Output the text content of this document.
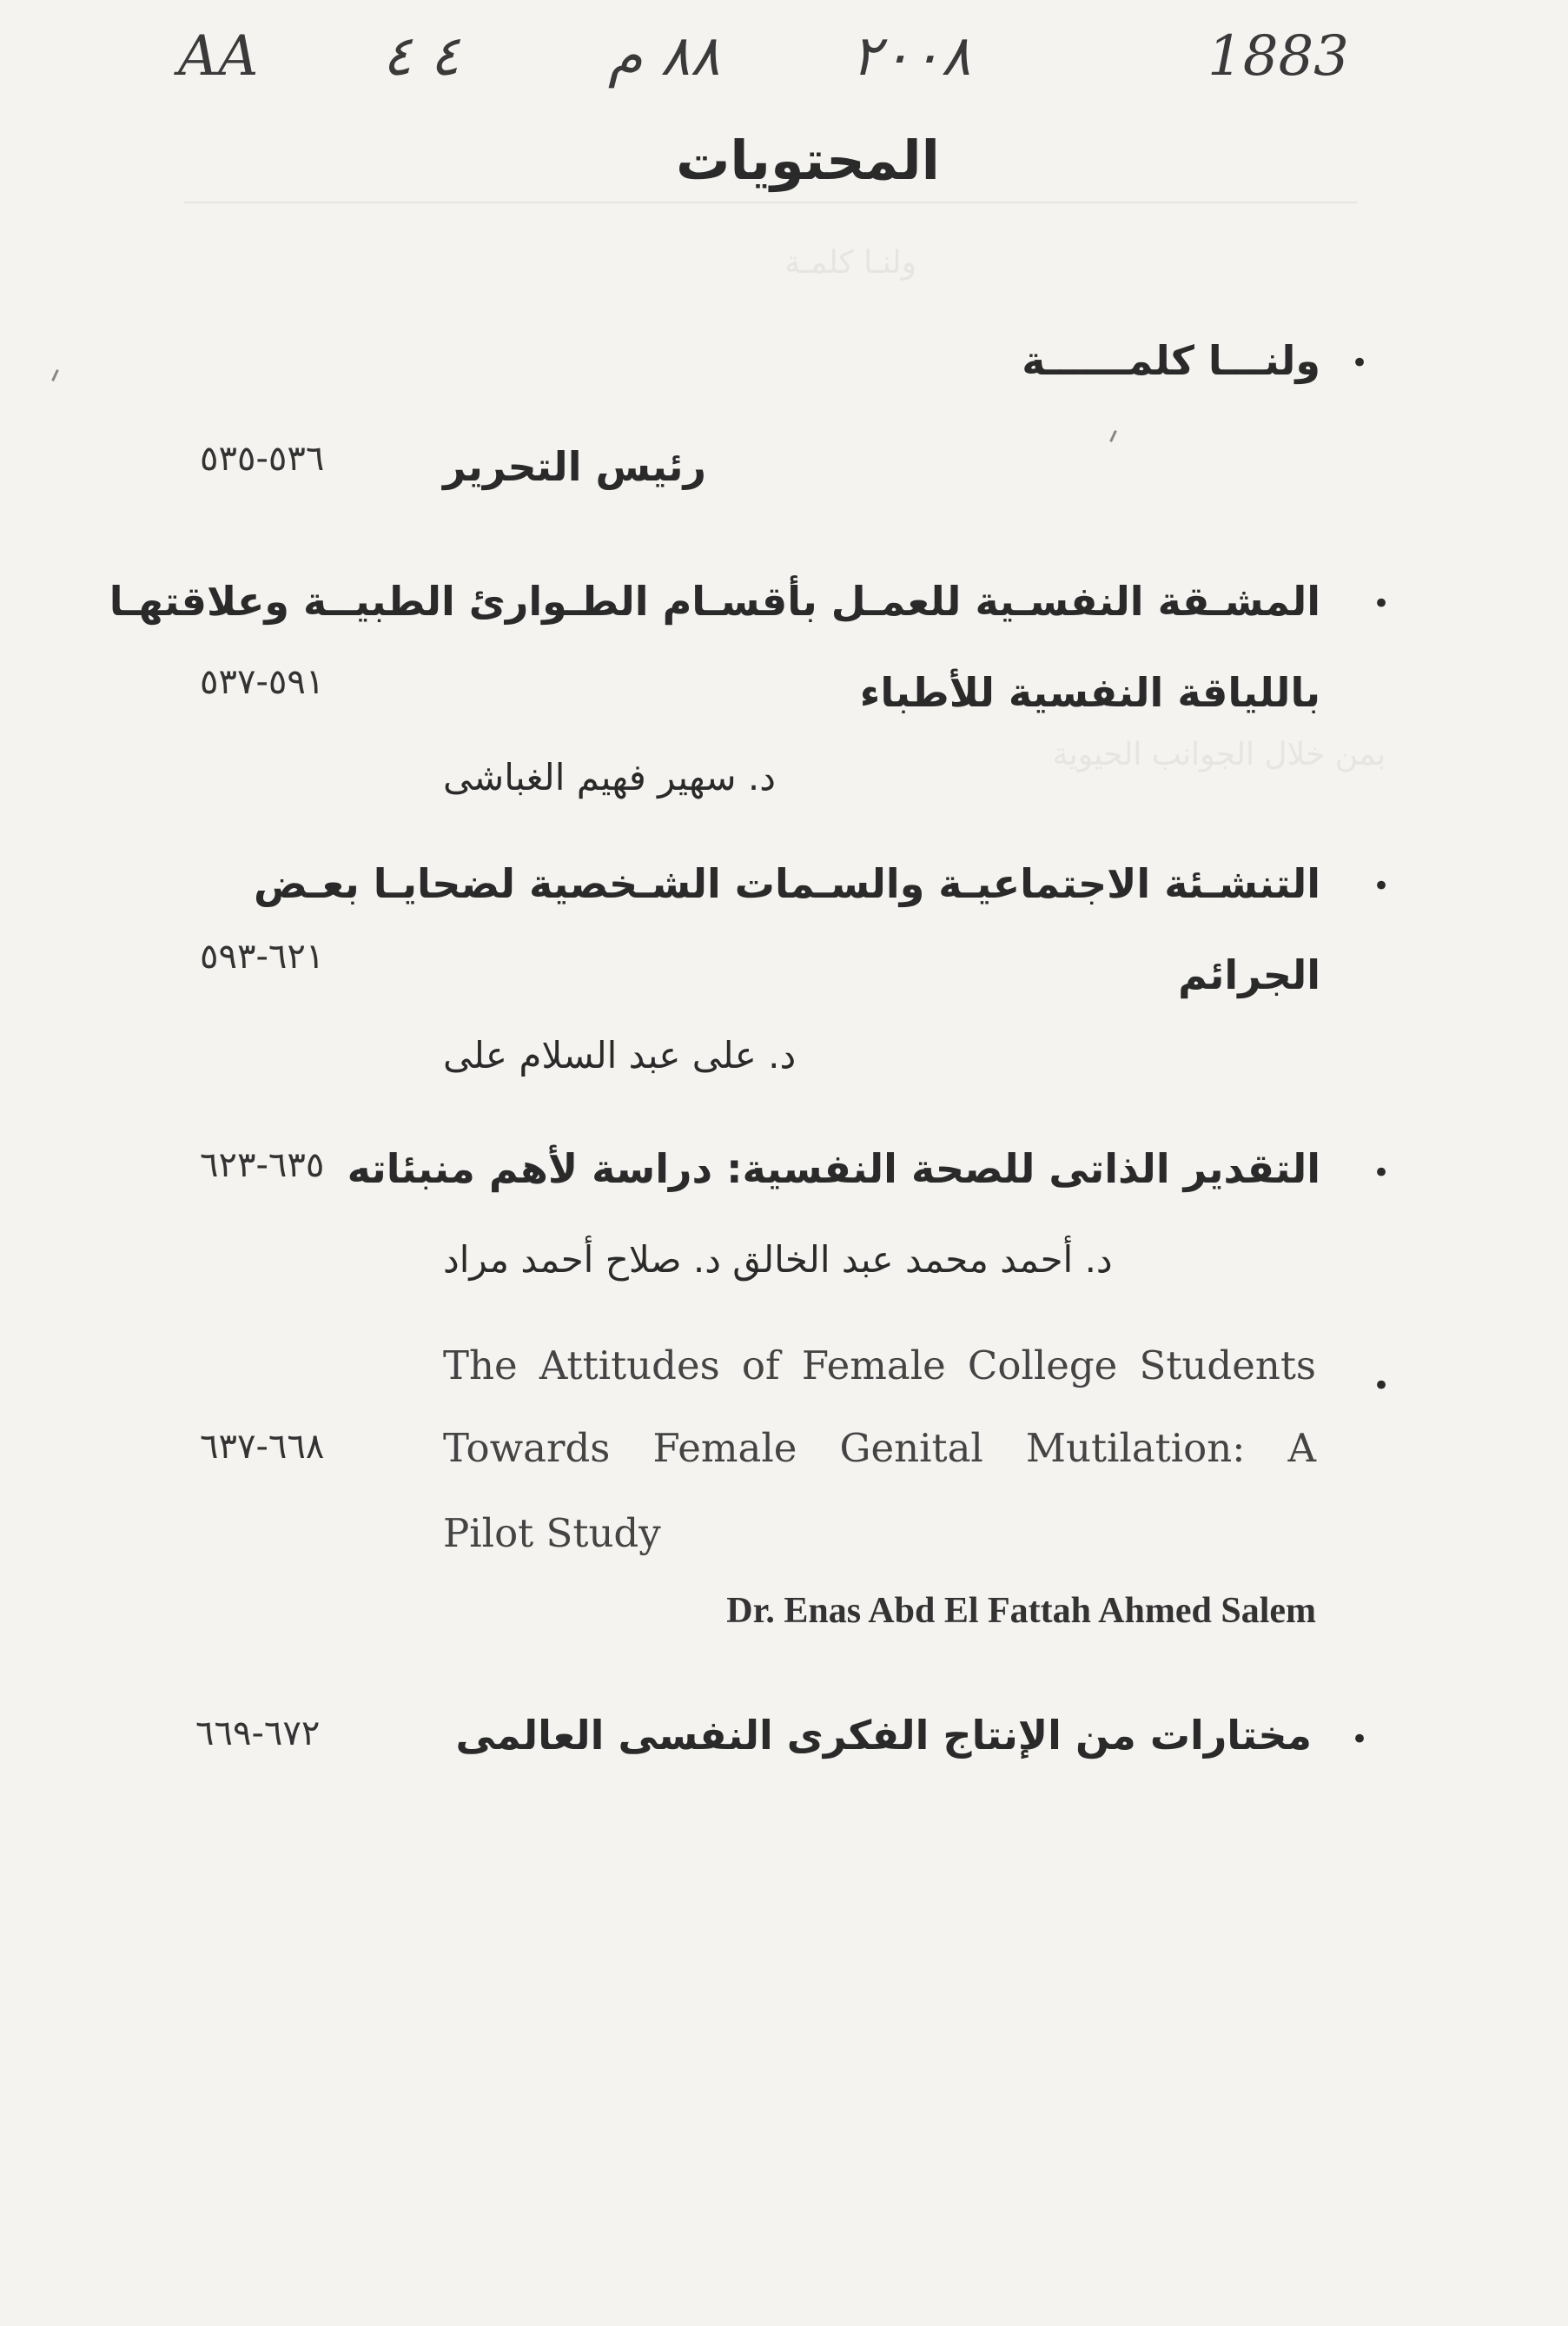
AA ٤ ٤	٨٨ م ٢٠٠٨	1883
المحتويات
ولنـا كلمـة
بمن خلال الجوانب الحيوية
•
ولنـــا كلمــــــة
رئيس التحرير
٥٣٦-٥٣٥
•
المشـقة النفسـية للعمـل بأقسـام الطـوارئ الطبيــة وعلاقتهـا
باللياقة النفسية للأطباء
د. سهير فهيم الغباشى
٥٩١-٥٣٧
•
التنشـئة الاجتماعيـة والسـمات الشـخصية لضحايـا بعـض
الجرائم
د. على عبد السلام على
٦٢١-٥٩٣
•
التقدير الذاتى للصحة النفسية: دراسة لأهم منبئاته
د. أحمد محمد عبد الخالق د. صلاح أحمد مراد
٦٣٥-٦٢٣
•
The Attitudes of Female College Students
Towards Female Genital Mutilation: A
Pilot Study
Dr. Enas Abd El Fattah Ahmed Salem
٦٦٨-٦٣٧
•
مختارات من الإنتاج الفكرى النفسى العالمى
٦٧٢-٦٦٩
